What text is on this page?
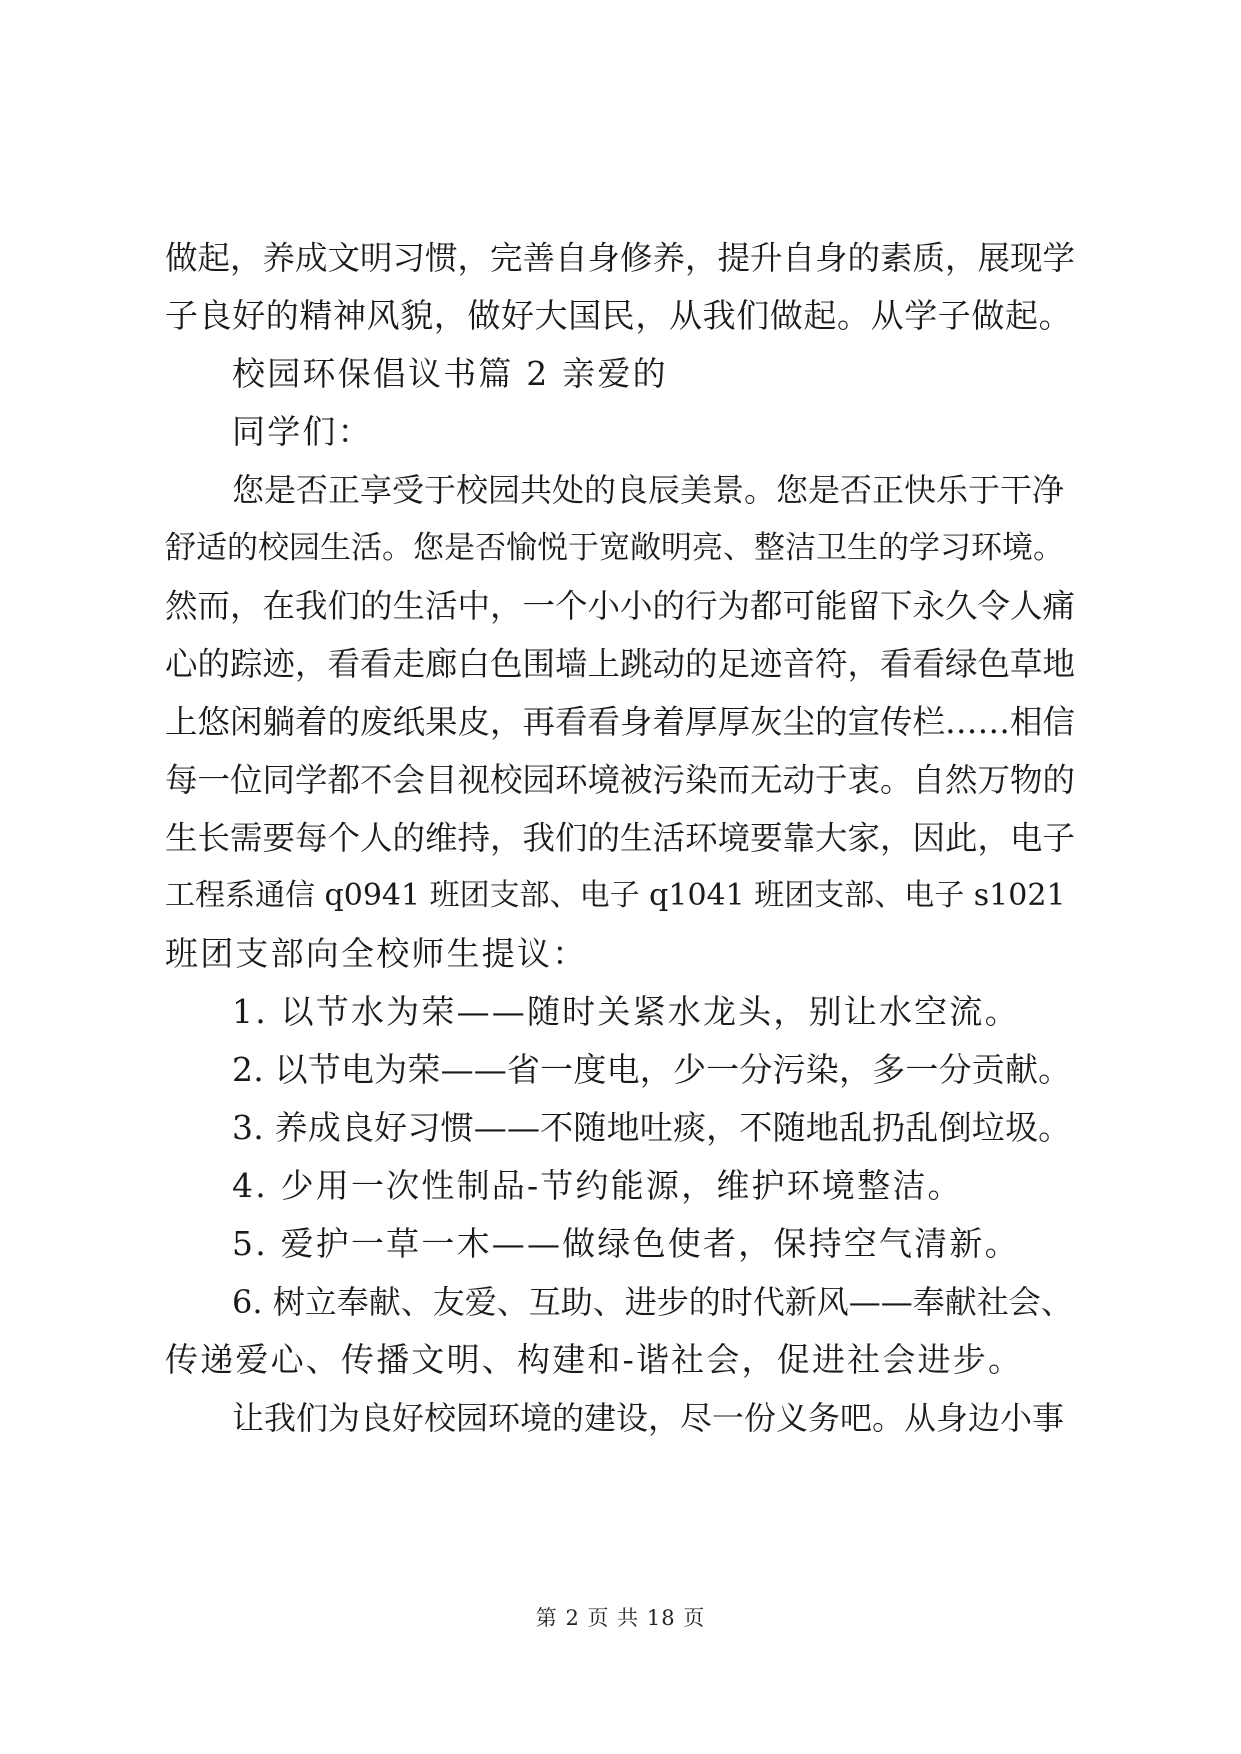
做起，养成文明习惯，完善自身修养，提升自身的素质，展现学
子良好的精神风貌，做好大国民，从我们做起。从学子做起。
校园环保倡议书篇 2 亲爱的
同学们：
您是否正享受于校园共处的良辰美景。您是否正快乐于干净
舒适的校园生活。您是否愉悦于宽敞明亮、整洁卫生的学习环境。
然而，在我们的生活中，一个小小的行为都可能留下永久令人痛
心的踪迹，看看走廊白色围墙上跳动的足迹音符，看看绿色草地
上悠闲躺着的废纸果皮，再看看身着厚厚灰尘的宣传栏……相信
每一位同学都不会目视校园环境被污染而无动于衷。自然万物的
生长需要每个人的维持，我们的生活环境要靠大家，因此，电子
工程系通信 q0941 班团支部、电子 q1041 班团支部、电子 s1021
班团支部向全校师生提议：
1. 以节水为荣——随时关紧水龙头，别让水空流。
2. 以节电为荣——省一度电，少一分污染，多一分贡献。
3. 养成良好习惯——不随地吐痰，不随地乱扔乱倒垃圾。
4. 少用一次性制品-节约能源，维护环境整洁。
5. 爱护一草一木——做绿色使者，保持空气清新。
6. 树立奉献、友爱、互助、进步的时代新风——奉献社会、
传递爱心、传播文明、构建和-谐社会，促进社会进步。
让我们为良好校园环境的建设，尽一份义务吧。从身边小事
第 2 页 共 18 页
